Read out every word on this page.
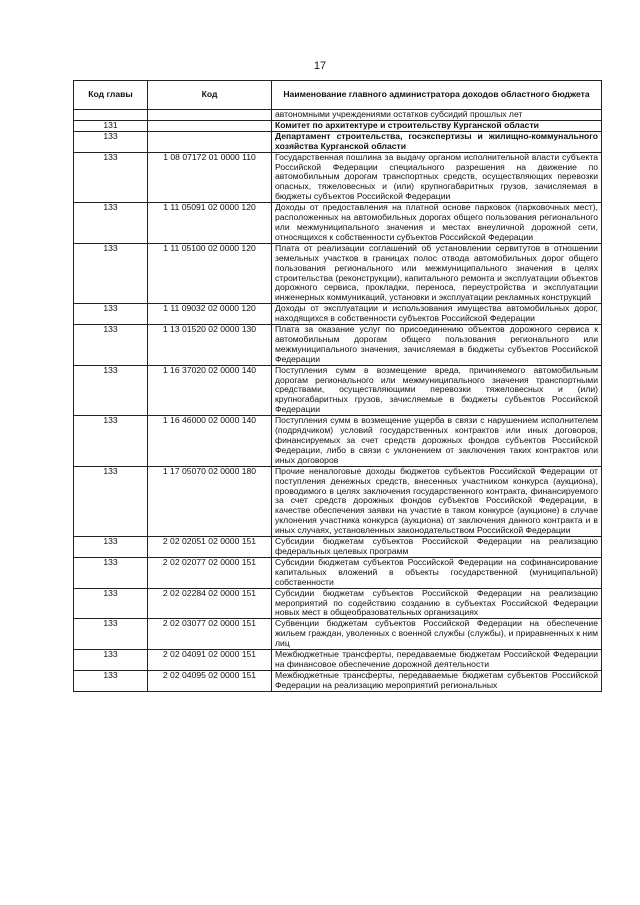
17
Код главы	Код	Наименование главного администратора доходов областного бюджета
		автономными учреждениями остатков субсидий прошлых лет
131		Комитет по архитектуре и строительству Курганской области
133		Департамент строительства, госэкспертизы и жилищно-коммунального хозяйства Курганской области
133	1 08 07172 01 0000 110	Государственная пошлина за выдачу органом исполнительной власти субъекта Российской Федерации специального разрешения на движение по автомобильным дорогам транспортных средств, осуществляющих перевозки опасных, тяжеловесных и (или) крупногабаритных грузов, зачисляемая в бюджеты субъектов Российской Федерации
133	1 11 05091 02 0000 120	Доходы от предоставления на платной основе парковок (парковочных мест), расположенных на автомобильных дорогах общего пользования регионального или межмуниципального значения и местах внеуличной дорожной сети, относящихся к собственности субъектов Российской Федерации
133	1 11 05100 02 0000 120	Плата от реализации соглашений об установлении сервитутов в отношении земельных участков в границах полос отвода автомобильных дорог общего пользования регионального или межмуниципального значения в целях строительства (реконструкции), капитального ремонта и эксплуатации объектов дорожного сервиса, прокладки, переноса, переустройства и эксплуатации инженерных коммуникаций, установки и эксплуатации рекламных конструкций
133	1 11 09032 02 0000 120	Доходы от эксплуатации и использования имущества автомобильных дорог, находящихся в собственности субъектов Российской Федерации
133	1 13 01520 02 0000 130	Плата за оказание услуг по присоединению объектов дорожного сервиса к автомобильным дорогам общего пользования регионального или межмуниципального значения, зачисляемая в бюджеты субъектов Российской Федерации
133	1 16 37020 02 0000 140	Поступления сумм в возмещение вреда, причиняемого автомобильным дорогам регионального или межмуниципального значения транспортными средствами, осуществляющими перевозки тяжеловесных и (или) крупногабаритных грузов, зачисляемые в бюджеты субъектов Российской Федерации
133	1 16 46000 02 0000 140	Поступления сумм в возмещение ущерба в связи с нарушением исполнителем (подрядчиком) условий государственных контрактов или иных договоров, финансируемых за счет средств дорожных фондов субъектов Российской Федерации, либо в связи с уклонением от заключения таких контрактов или иных договоров
133	1 17 05070 02 0000 180	Прочие неналоговые доходы бюджетов субъектов Российской Федерации от поступления денежных средств, внесенных участником конкурса (аукциона), проводимого в целях заключения государственного контракта, финансируемого за счет средств дорожных фондов субъектов Российской Федерации, в качестве обеспечения заявки на участие в таком конкурсе (аукционе) в случае уклонения участника конкурса (аукциона) от заключения данного контракта и в иных случаях, установленных законодательством Российской Федерации
133	2 02 02051 02 0000 151	Субсидии бюджетам субъектов Российской Федерации на реализацию федеральных целевых программ
133	2 02 02077 02 0000 151	Субсидии бюджетам субъектов Российской Федерации на софинансирование капитальных вложений в объекты государственной (муниципальной) собственности
133	2 02 02284 02 0000 151	Субсидии бюджетам субъектов Российской Федерации на реализацию мероприятий по содействию созданию в субъектах Российской Федерации новых мест в общеобразовательных организациях
133	2 02 03077 02 0000 151	Субвенции бюджетам субъектов Российской Федерации на обеспечение жильем граждан, уволенных с военной службы (службы), и приравненных к ним лиц
133	2 02 04091 02 0000 151	Межбюджетные трансферты, передаваемые бюджетам Российской Федерации на финансовое обеспечение дорожной деятельности
133	2 02 04095 02 0000 151	Межбюджетные трансферты, передаваемые бюджетам субъектов Российской Федерации на реализацию мероприятий региональных
